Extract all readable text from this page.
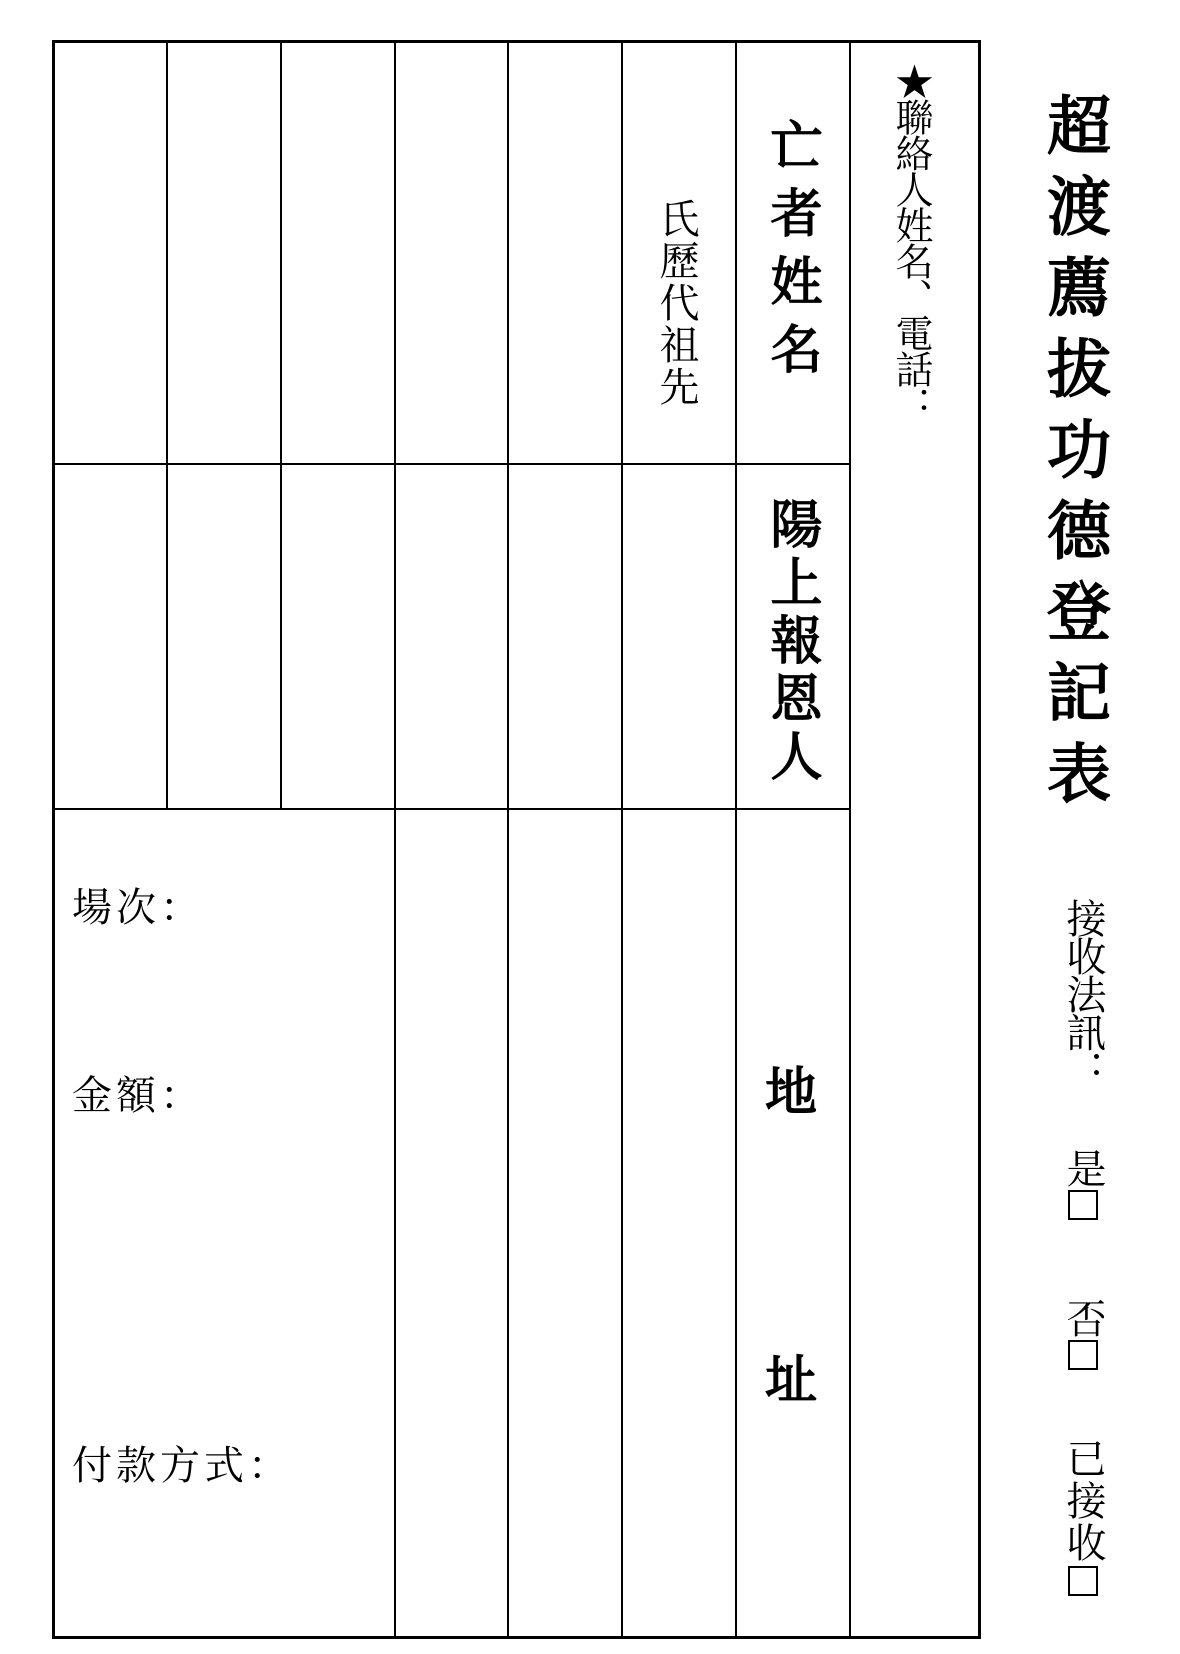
★聯絡人姓名、電話：
亡者姓名
氏歷代祖先
陽上報恩人
地
址
場次：
金額：
付款方式：
超渡薦拔功德登記表
接收法訊：
是
否
已接收
